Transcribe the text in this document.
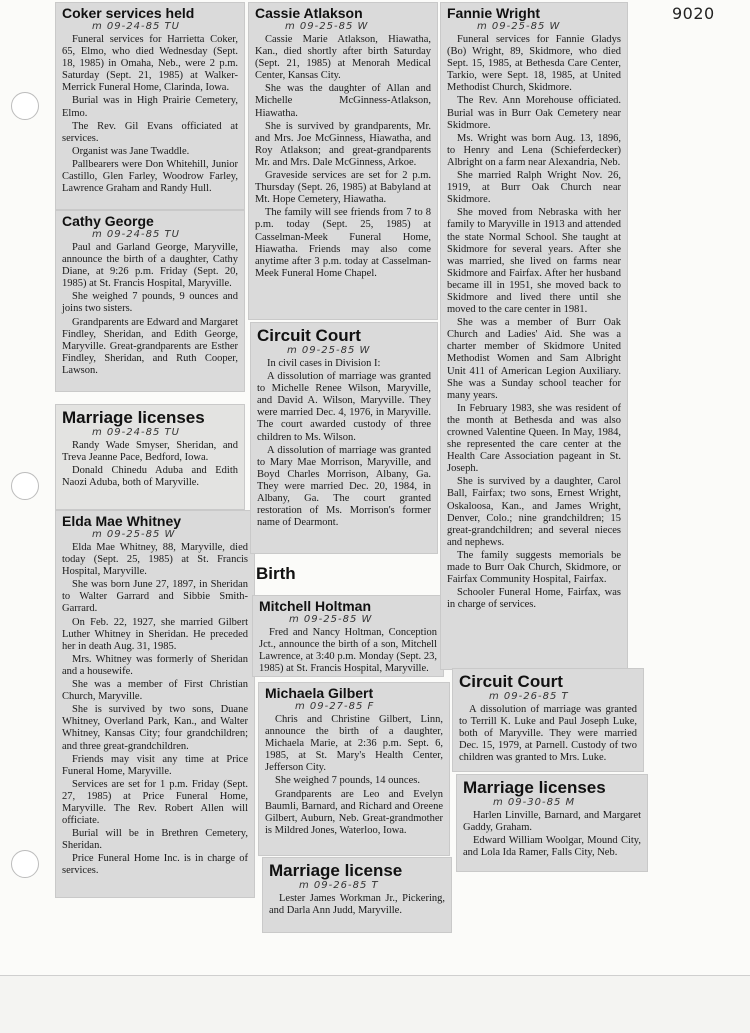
9020
Coker services held
m 09-24-85 TU

Funeral services for Harrietta Coker, 65, Elmo, who died Wednesday (Sept. 18, 1985) in Omaha, Neb., were 2 p.m. Saturday (Sept. 21, 1985) at Walker-Merrick Funeral Home, Clarinda, Iowa.

Burial was in High Prairie Cemetery, Elmo.

The Rev. Gil Evans officiated at services.

Organist was Jane Twaddle.

Pallbearers were Don Whitehill, Junior Castillo, Glen Farley, Woodrow Farley, Lawrence Graham and Randy Hull.

Cathy George
m 09-24-85 TU

Paul and Garland George, Maryville, announce the birth of a daughter, Cathy Diane, at 9:26 p.m. Friday (Sept. 20, 1985) at St. Francis Hospital, Maryville.

She weighed 7 pounds, 9 ounces and joins two sisters.

Grandparents are Edward and Margaret Findley, Sheridan, and Edith George, Maryville. Great-grandparents are Esther Findley, Sheridan, and Ruth Cooper, Lawson.

Marriage licenses
m 09-24-85 TU

Randy Wade Smyser, Sheridan, and Treva Jeanne Pace, Bedford, Iowa.

Donald Chinedu Aduba and Edith Naozi Aduba, both of Maryville.

Elda Mae Whitney
m 09-25-85 W

Elda Mae Whitney, 88, Maryville, died today (Sept. 25, 1985) at St. Francis Hospital, Maryville.

She was born June 27, 1897, in Sheridan to Walter Garrard and Sibbie Smith-Garrard.

On Feb. 22, 1927, she married Gilbert Luther Whitney in Sheridan. He preceded her in death Aug. 31, 1985.

Mrs. Whitney was formerly of Sheridan and a housewife.

She was a member of First Christian Church, Maryville.

She is survived by two sons, Duane Whitney, Overland Park, Kan., and Walter Whitney, Kansas City; four grandchildren; and three great-grandchildren.

Friends may visit any time at Price Funeral Home, Maryville.

Services are set for 1 p.m. Friday (Sept. 27, 1985) at Price Funeral Home, Maryville. The Rev. Robert Allen will officiate.

Burial will be in Brethren Cemetery, Sheridan.

Price Funeral Home Inc. is in charge of services.

Cassie Atlakson
m 09-25-85 W

Cassie Marie Atlakson, Hiawatha, Kan., died shortly after birth Saturday (Sept. 21, 1985) at Menorah Medical Center, Kansas City.

She was the daughter of Allan and Michelle McGinness-Atlakson, Hiawatha.

She is survived by grandparents, Mr. and Mrs. Joe McGinness, Hiawatha, and Roy Atlakson; and great-grandparents Mr. and Mrs. Dale McGinness, Arkoe.

Graveside services are set for 2 p.m. Thursday (Sept. 26, 1985) at Babyland at Mt. Hope Cemetery, Hiawatha.

The family will see friends from 7 to 8 p.m. today (Sept. 25, 1985) at Casselman-Meek Funeral Home, Hiawatha. Friends may also come anytime after 3 p.m. today at Casselman-Meek Funeral Home Chapel.

Circuit Court
m 09-25-85 W

In civil cases in Division I:

A dissolution of marriage was granted to Michelle Renee Wilson, Maryville, and David A. Wilson, Maryville. They were married Dec. 4, 1976, in Maryville. The court awarded custody of three children to Ms. Wilson.

A dissolution of marriage was granted to Mary Mae Morrison, Maryville, and Boyd Charles Morrison, Albany, Ga. They were married Dec. 20, 1984, in Albany, Ga. The court granted restoration of Ms. Morrison's former name of Dearmont.

Birth
Mitchell Holtman
m 09-25-85 W

Fred and Nancy Holtman, Conception Jct., announce the birth of a son, Mitchell Lawrence, at 3:40 p.m. Monday (Sept. 23, 1985) at St. Francis Hospital, Maryville.

Michaela Gilbert
m 09-27-85 F

Chris and Christine Gilbert, Linn, announce the birth of a daughter, Michaela Marie, at 2:36 p.m. Sept. 6, 1985, at St. Mary's Health Center, Jefferson City.

She weighed 7 pounds, 14 ounces.

Grandparents are Leo and Evelyn Baumli, Barnard, and Richard and Oreene Gilbert, Auburn, Neb. Great-grandmother is Mildred Jones, Waterloo, Iowa.

Marriage license
m 09-26-85 T

Lester James Workman Jr., Pickering, and Darla Ann Judd, Maryville.

Fannie Wright
m 09-25-85 W

Funeral services for Fannie Gladys (Bo) Wright, 89, Skidmore, who died Sept. 15, 1985, at Bethesda Care Center, Tarkio, were Sept. 18, 1985, at United Methodist Church, Skidmore.

The Rev. Ann Morehouse officiated. Burial was in Burr Oak Cemetery near Skidmore.

Ms. Wright was born Aug. 13, 1896, to Henry and Lena (Schieferdecker) Albright on a farm near Alexandria, Neb.

She married Ralph Wright Nov. 26, 1919, at Burr Oak Church near Skidmore.

She moved from Nebraska with her family to Maryville in 1913 and attended the state Normal School. She taught at Skidmore for several years. After she was married, she lived on farms near Skidmore and Fairfax. After her husband became ill in 1951, she moved back to Skidmore and lived there until she moved to the care center in 1981.

She was a member of Burr Oak Church and Ladies' Aid. She was a charter member of Skidmore United Methodist Women and Sam Albright Unit 411 of American Legion Auxiliary. She was a Sunday school teacher for many years.

In February 1983, she was resident of the month at Bethesda and was also crowned Valentine Queen. In May, 1984, she represented the care center at the Health Care Association pageant in St. Joseph.

She is survived by a daughter, Carol Ball, Fairfax; two sons, Ernest Wright, Oskaloosa, Kan., and James Wright, Denver, Colo.; nine grandchildren; 15 great-grandchildren; and several nieces and nephews.

The family suggests memorials be made to Burr Oak Church, Skidmore, or Fairfax Community Hospital, Fairfax.

Schooler Funeral Home, Fairfax, was in charge of services.

Circuit Court
m 09-26-85 T

A dissolution of marriage was granted to Terrill K. Luke and Paul Joseph Luke, both of Maryville. They were married Dec. 15, 1979, at Parnell. Custody of two children was granted to Mrs. Luke.

Marriage licenses
m 09-30-85 M

Harlen Linville, Barnard, and Margaret Gaddy, Graham.

Edward William Woolgar, Mound City, and Lola Ida Ramer, Falls City, Neb.
